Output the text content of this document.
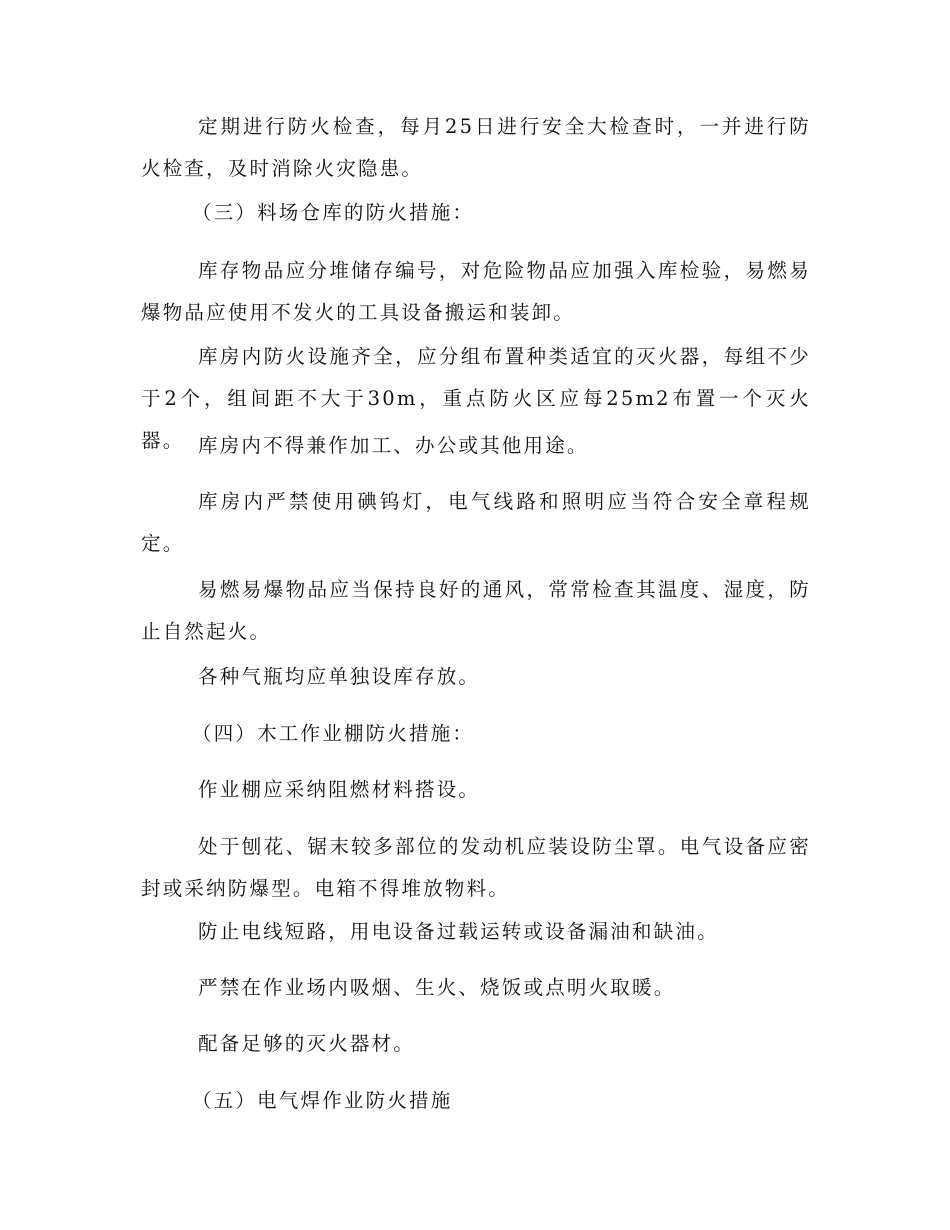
定期进行防火检查，每月25日进行安全大检查时，一并进行防火检查，及时消除火灾隐患。

（三）料场仓库的防火措施：

库存物品应分堆储存编号，对危险物品应加强入库检验，易燃易爆物品应使用不发火的工具设备搬运和装卸。

库房内防火设施齐全，应分组布置种类适宜的灭火器，每组不少于2个，组间距不大于30m，重点防火区应每25m2布置一个灭火器。 库房内不得兼作加工、办公或其他用途。

库房内严禁使用碘钨灯，电气线路和照明应当符合安全章程规定。

易燃易爆物品应当保持良好的通风，常常检查其温度、湿度，防止自然起火。

各种气瓶均应单独设库存放。

（四）木工作业棚防火措施：

作业棚应采纳阻燃材料搭设。

处于刨花、锯末较多部位的发动机应装设防尘罩。电气设备应密封或采纳防爆型。电箱不得堆放物料。

防止电线短路，用电设备过载运转或设备漏油和缺油。

严禁在作业场内吸烟、生火、烧饭或点明火取暖。

配备足够的灭火器材。

（五）电气焊作业防火措施
